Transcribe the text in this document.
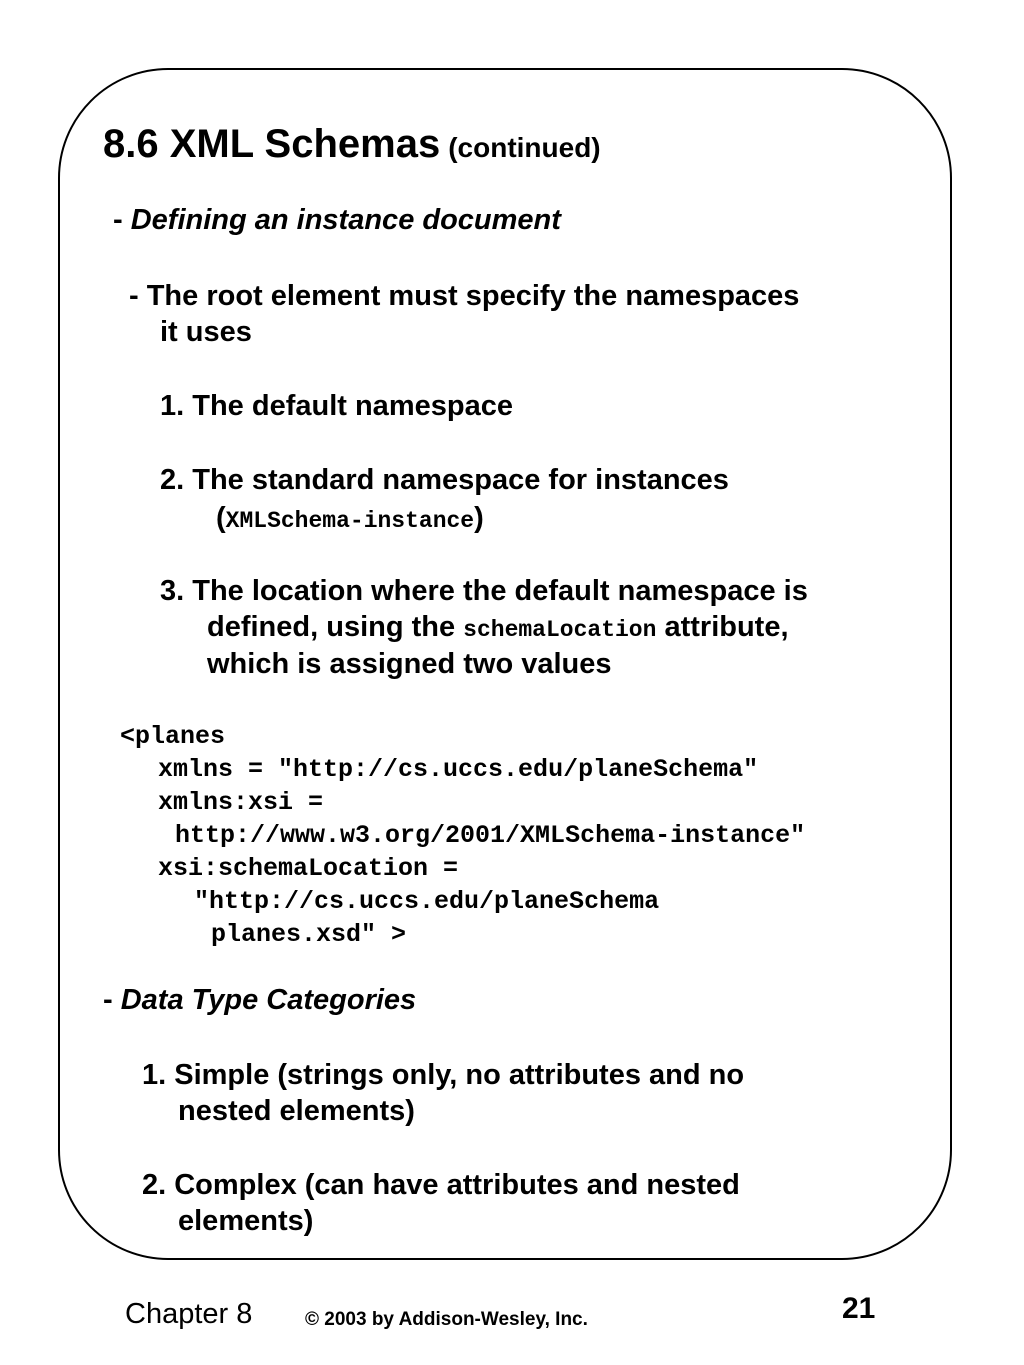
8.6 XML Schemas (continued)
- Defining an instance document
- The root element must specify the namespaces
it uses
1. The default namespace
2. The standard namespace for instances
(XMLSchema-instance)
3. The location where the default namespace is
defined, using the schemaLocation attribute,
which is assigned two values
<planes
xmlns = "http://cs.uccs.edu/planeSchema"
xmlns:xsi =
http://www.w3.org/2001/XMLSchema-instance"
xsi:schemaLocation =
"http://cs.uccs.edu/planeSchema
planes.xsd" >
- Data Type Categories
1. Simple (strings only, no attributes and no
nested elements)
2. Complex (can have attributes and nested
elements)
Chapter 8	© 2003 by Addison-Wesley, Inc.	21
